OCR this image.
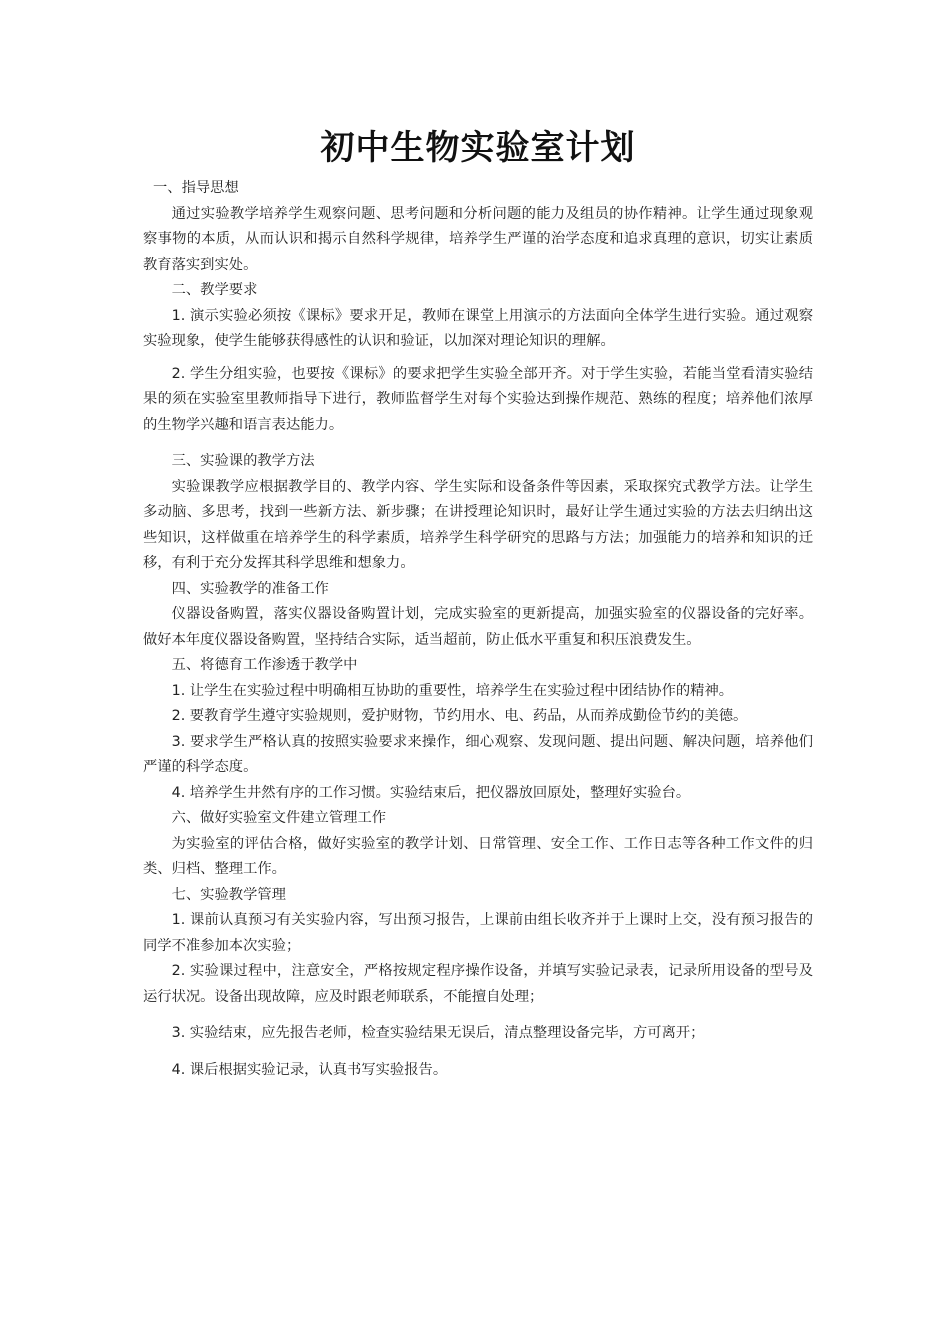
初中生物实验室计划

一、指导思想

通过实验教学培养学生观察问题、思考问题和分析问题的能力及组员的协作精神。让学生通过现象观察事物的本质，从而认识和揭示自然科学规律，培养学生严谨的治学态度和追求真理的意识，切实让素质教育落实到实处。

二、教学要求

1. 演示实验必须按《课标》要求开足，教师在课堂上用演示的方法面向全体学生进行实验。通过观察实验现象，使学生能够获得感性的认识和验证，以加深对理论知识的理解。

2. 学生分组实验，也要按《课标》的要求把学生实验全部开齐。对于学生实验，若能当堂看清实验结果的须在实验室里教师指导下进行，教师监督学生对每个实验达到操作规范、熟练的程度；培养他们浓厚的生物学兴趣和语言表达能力。

三、实验课的教学方法

实验课教学应根据教学目的、教学内容、学生实际和设备条件等因素，采取探究式教学方法。让学生多动脑、多思考，找到一些新方法、新步骤；在讲授理论知识时，最好让学生通过实验的方法去归纳出这些知识，这样做重在培养学生的科学素质，培养学生科学研究的思路与方法；加强能力的培养和知识的迁移，有利于充分发挥其科学思维和想象力。

四、实验教学的准备工作

仪器设备购置，落实仪器设备购置计划，完成实验室的更新提高，加强实验室的仪器设备的完好率。做好本年度仪器设备购置，坚持结合实际，适当超前，防止低水平重复和积压浪费发生。

五、将德育工作渗透于教学中

1. 让学生在实验过程中明确相互协助的重要性，培养学生在实验过程中团结协作的精神。

2. 要教育学生遵守实验规则，爱护财物，节约用水、电、药品，从而养成勤俭节约的美德。

3. 要求学生严格认真的按照实验要求来操作，细心观察、发现问题、提出问题、解决问题，培养他们严谨的科学态度。

4. 培养学生井然有序的工作习惯。实验结束后，把仪器放回原处，整理好实验台。

六、做好实验室文件建立管理工作

为实验室的评估合格，做好实验室的教学计划、日常管理、安全工作、工作日志等各种工作文件的归类、归档、整理工作。

七、实验教学管理

1. 课前认真预习有关实验内容，写出预习报告，上课前由组长收齐并于上课时上交，没有预习报告的同学不准参加本次实验；

2. 实验课过程中，注意安全，严格按规定程序操作设备，并填写实验记录表，记录所用设备的型号及运行状况。设备出现故障，应及时跟老师联系，不能擅自处理；

3. 实验结束，应先报告老师，检查实验结果无误后，清点整理设备完毕，方可离开；

4. 课后根据实验记录，认真书写实验报告。
